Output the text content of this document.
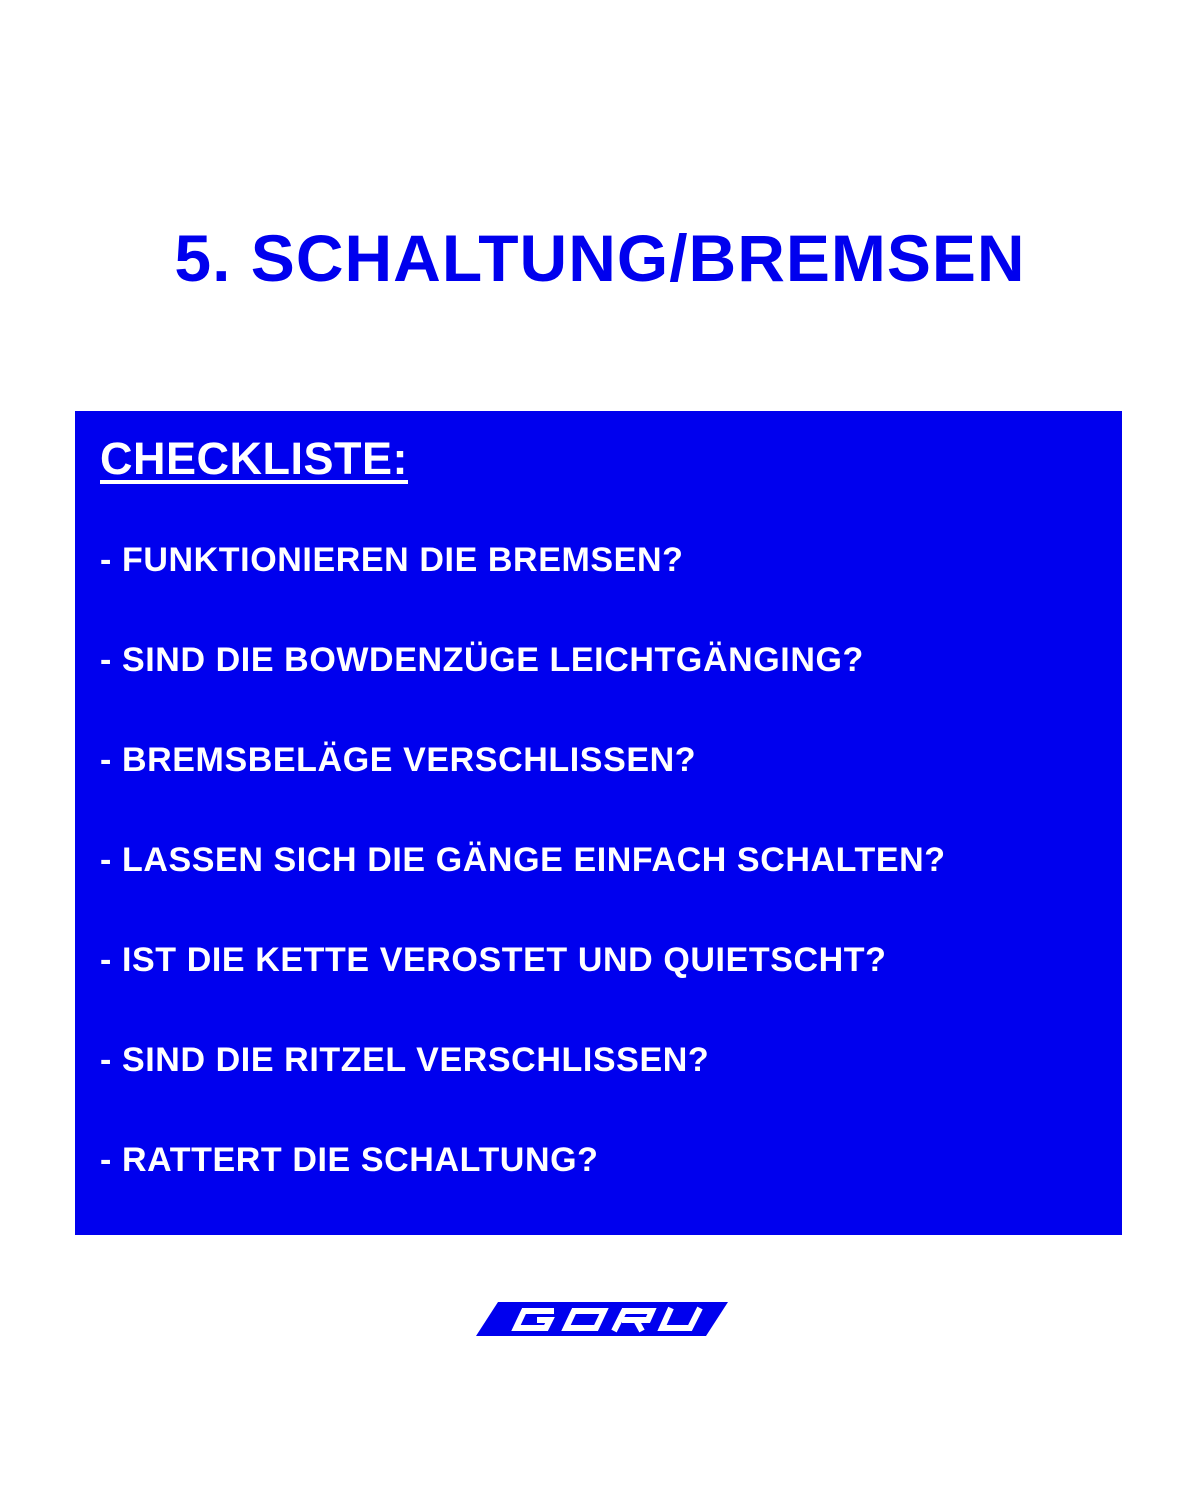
5. SCHALTUNG/BREMSEN
CHECKLISTE:
- FUNKTIONIEREN DIE BREMSEN?
- SIND DIE BOWDENZÜGE LEICHTGÄNGING?
- BREMSBELÄGE VERSCHLISSEN?
- LASSEN SICH DIE GÄNGE EINFACH SCHALTEN?
- IST DIE KETTE VEROSTET UND QUIETSCHT?
- SIND DIE RITZEL VERSCHLISSEN?
- RATTERT DIE SCHALTUNG?
